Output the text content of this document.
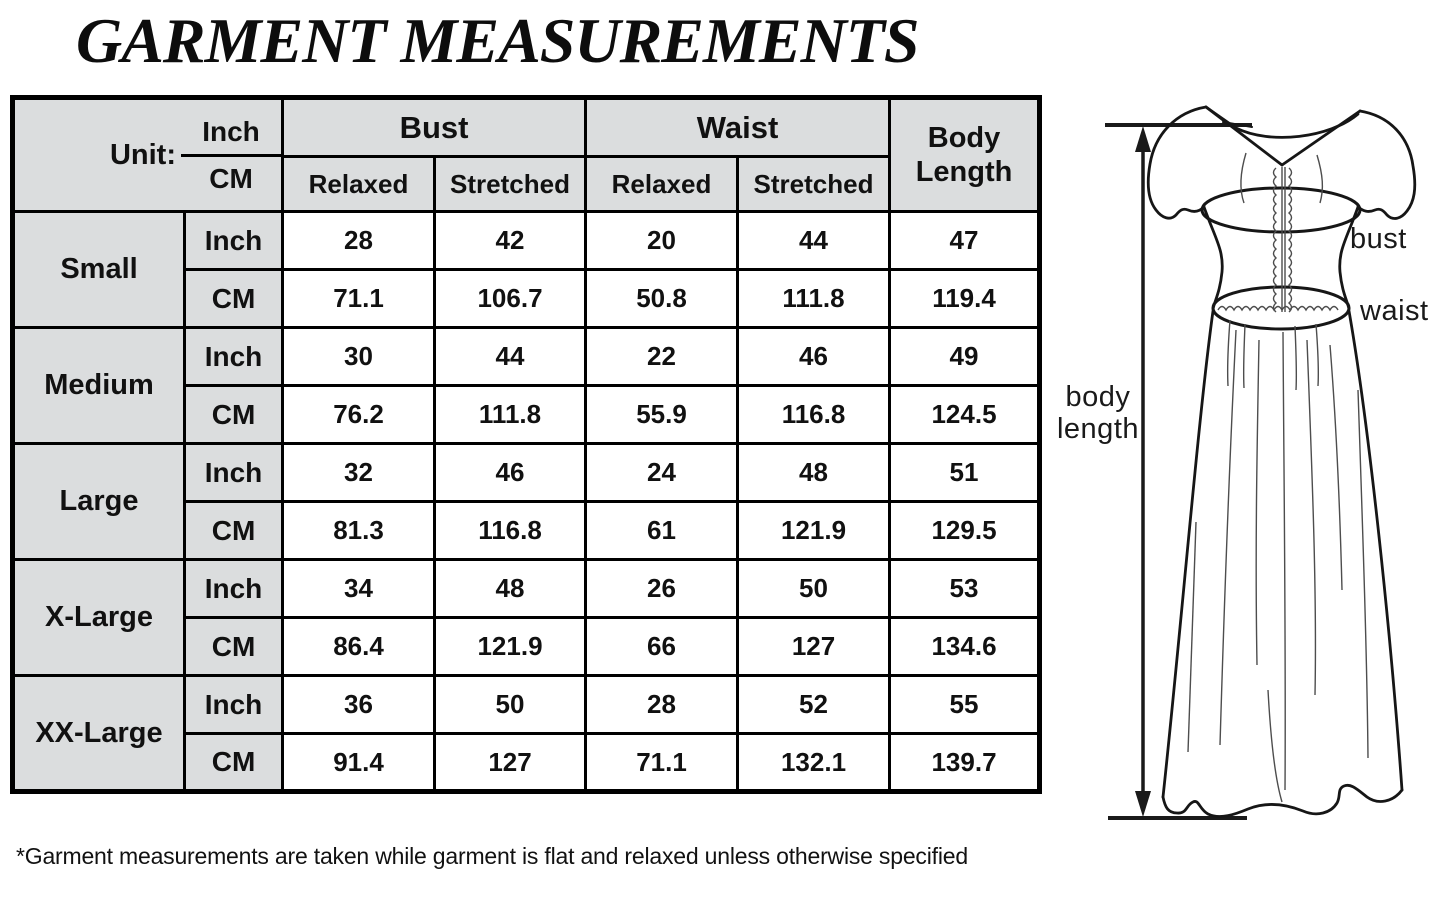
GARMENT MEASUREMENTS
Unit: $\frac{\text{Inch}}{CM}$		Bust		Waist		Body Length
		Relaxed	Stretched	Relaxed	Stretched	
Small	Inch	28	42	20	44	47
	CM	71.1	106.7	50.8	111.8	119.4
Medium	Inch	30	44	22	46	49
	CM	76.2	111.8	55.9	116.8	124.5
Large	Inch	32	46	24	48	51
	CM	81.3	116.8	61	121.9	129.5
X-Large	Inch	34	48	26	50	53
	CM	86.4	121.9	66	127	134.6
XX-Large	Inch	36	50	28	52	55
	CM	91.4	127	71.1	132.1	139.7
*Garment measurements are taken while garment is flat and relaxed unless otherwise specified
bust
waist
body length
